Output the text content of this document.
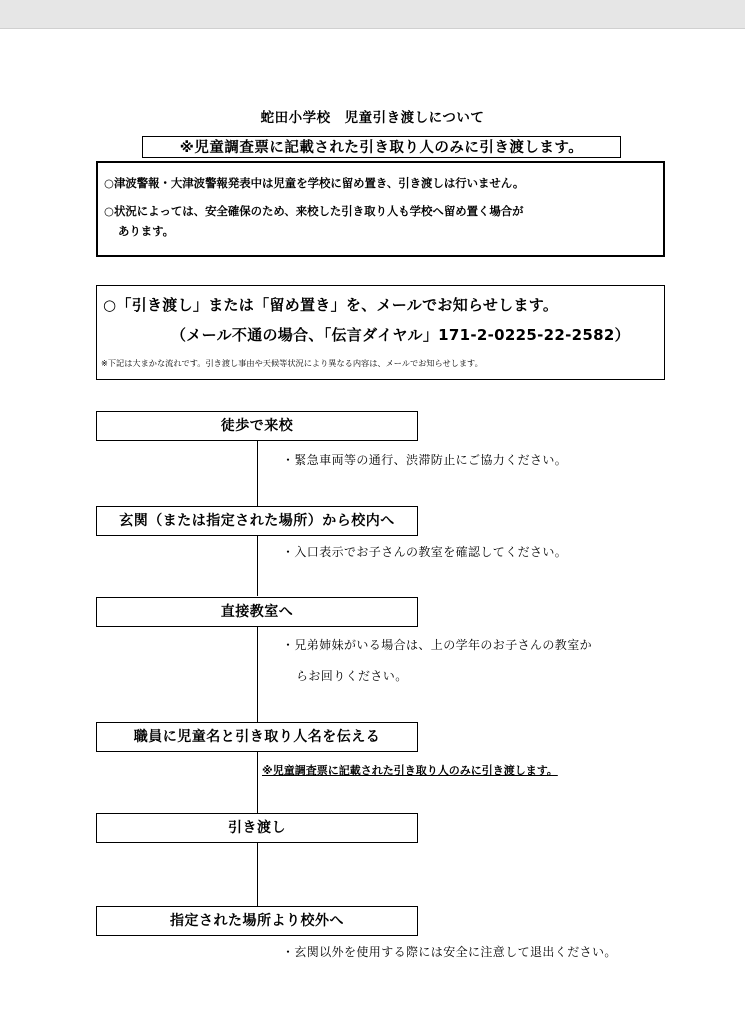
蛇田小学校　児童引き渡しについて
※児童調査票に記載された引き取り人のみに引き渡します。

○津波警報・大津波警報発表中は児童を学校に留め置き、引き渡しは行いません。

○状況によっては、安全確保のため、来校した引き取り人も学校へ留め置く場合が

あります。

○「引き渡し」または「留め置き」を、メールでお知らせします。
（メール不通の場合、「伝言ダイヤル」171-2-0225-22-2582）
※下記は大まかな流れです。引き渡し事由や天候等状況により異なる内容は、メールでお知らせします。
徒歩で来校
・緊急車両等の通行、渋滞防止にご協力ください。
玄関（または指定された場所）から校内へ
・入口表示でお子さんの教室を確認してください。
直接教室へ
・兄弟姉妹がいる場合は、上の学年のお子さんの教室か
らお回りください。
職員に児童名と引き取り人名を伝える
※児童調査票に記載された引き取り人のみに引き渡します。
引き渡し
指定された場所より校外へ
・玄関以外を使用する際には安全に注意して退出ください。
